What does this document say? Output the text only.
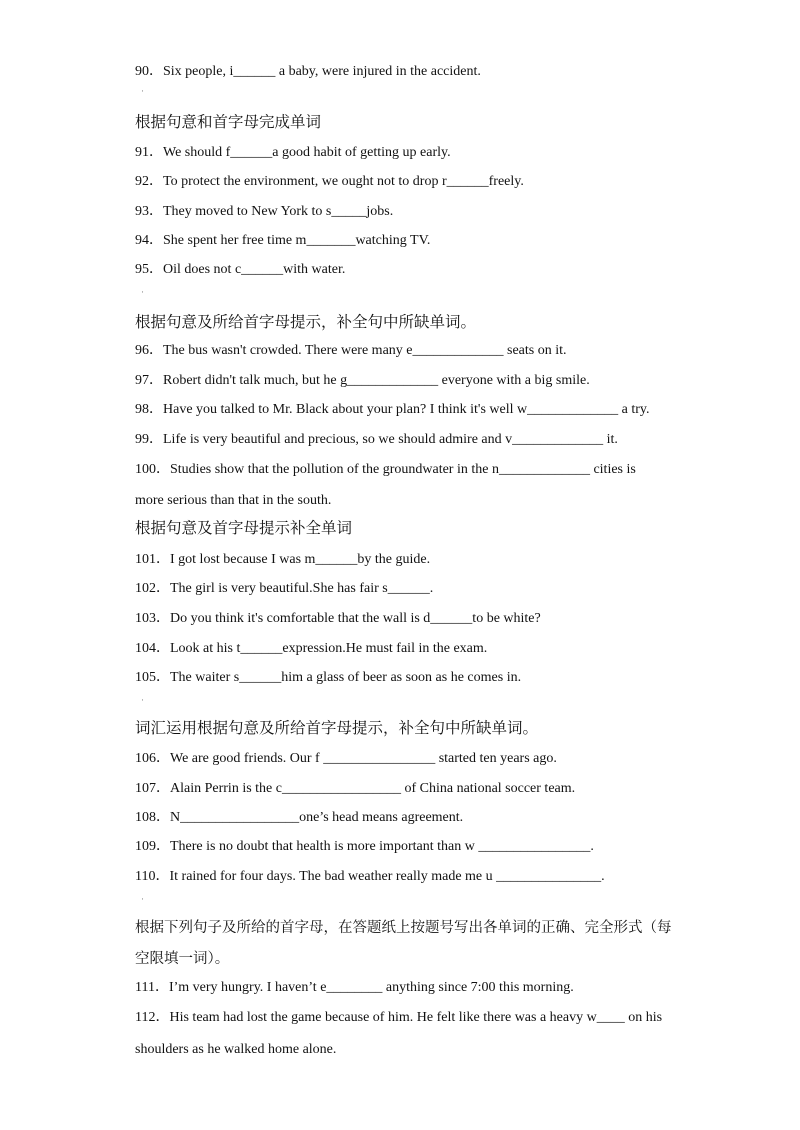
90．Six people, i______ a baby, were injured in the accident.
·
根据句意和首字母完成单词
91．We should f______a good habit of getting up early.
92．To protect the environment, we ought not to drop r______freely.
93．They moved to New York to s_____jobs.
94．She spent her free time m_______watching TV.
95．Oil does not c______with water.
·
根据句意及所给首字母提示，补全句中所缺单词。
96．The bus wasn't crowded. There were many e_____________ seats on it.
97．Robert didn't talk much, but he g_____________ everyone with a big smile.
98．Have you talked to Mr. Black about your plan? I think it's well w_____________ a try.
99．Life is very beautiful and precious, so we should admire and v_____________ it.
100．Studies show that the pollution of the groundwater in the n_____________ cities is
more serious than that in the south.
根据句意及首字母提示补全单词
101．I got lost because I was m______by the guide.
102．The girl is very beautiful.She has fair s______.
103．Do you think it's comfortable that the wall is d______to be white?
104．Look at his t______expression.He must fail in the exam.
105．The waiter s______him a glass of beer as soon as he comes in.
·
词汇运用根据句意及所给首字母提示，补全句中所缺单词。
106．We are good friends. Our f ________________ started ten years ago.
107．Alain Perrin is the c_________________ of China national soccer team.
108．N_________________one’s head means agreement.
109．There is no doubt that health is more important than w ________________.
110．It rained for four days. The bad weather really made me u _______________.
·
根据下列句子及所给的首字母，在答题纸上按题号写出各单词的正确、完全形式（每
空限填一词）。
111．I’m very hungry. I haven’t e________ anything since 7:00 this morning.
112．His team had lost the game because of him. He felt like there was a heavy w____ on his
shoulders as he walked home alone.
